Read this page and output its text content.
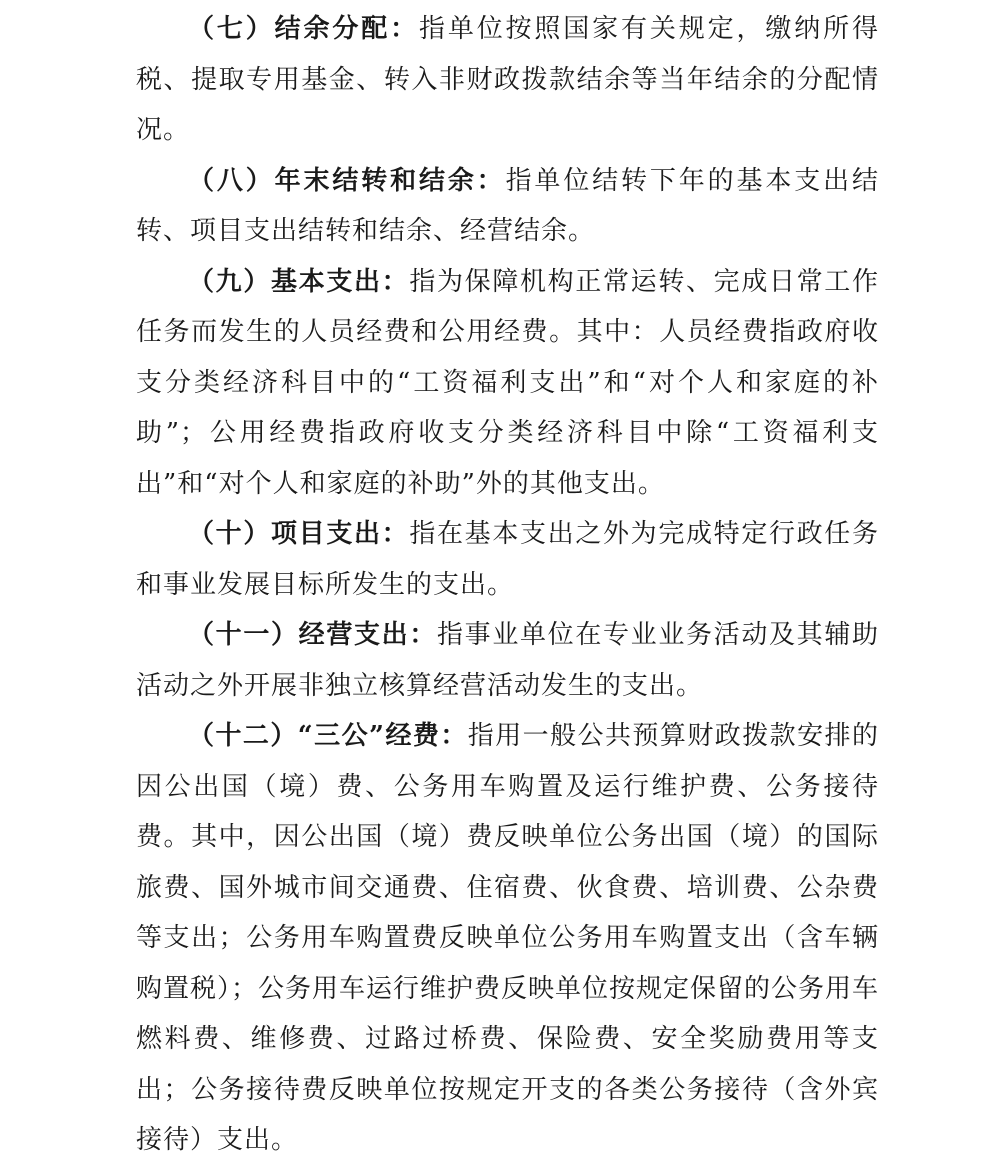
（七）结余分配：指单位按照国家有关规定，缴纳所得税、提取专用基金、转入非财政拨款结余等当年结余的分配情况。

（八）年末结转和结余：指单位结转下年的基本支出结转、项目支出结转和结余、经营结余。

（九）基本支出：指为保障机构正常运转、完成日常工作任务而发生的人员经费和公用经费。其中：人员经费指政府收支分类经济科目中的“工资福利支出”和“对个人和家庭的补助”；公用经费指政府收支分类经济科目中除“工资福利支出”和“对个人和家庭的补助”外的其他支出。

（十）项目支出：指在基本支出之外为完成特定行政任务和事业发展目标所发生的支出。

（十一）经营支出：指事业单位在专业业务活动及其辅助活动之外开展非独立核算经营活动发生的支出。

（十二）“三公”经费：指用一般公共预算财政拨款安排的因公出国（境）费、公务用车购置及运行维护费、公务接待费。其中，因公出国（境）费反映单位公务出国（境）的国际旅费、国外城市间交通费、住宿费、伙食费、培训费、公杂费等支出；公务用车购置费反映单位公务用车购置支出（含车辆购置税）；公务用车运行维护费反映单位按规定保留的公务用车燃料费、维修费、过路过桥费、保险费、安全奖励费用等支出；公务接待费反映单位按规定开支的各类公务接待（含外宾接待）支出。
